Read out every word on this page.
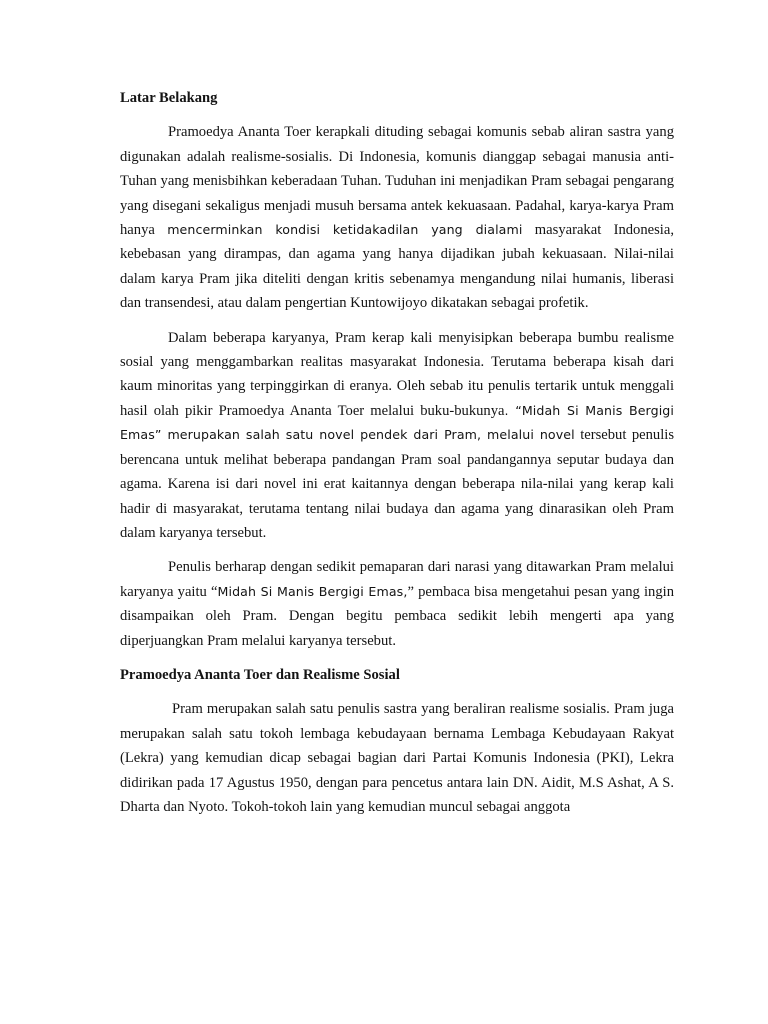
Latar Belakang

Pramoedya Ananta Toer kerapkali dituding sebagai komunis sebab aliran sastra yang digunakan adalah realisme-sosialis. Di Indonesia, komunis dianggap sebagai manusia anti-Tuhan yang menisbihkan keberadaan Tuhan. Tuduhan ini menjadikan Pram sebagai pengarang yang disegani sekaligus menjadi musuh bersama antek kekuasaan. Padahal, karya-karya Pram hanya mencerminkan kondisi ketidakadilan yang dialami masyarakat Indonesia, kebebasan yang dirampas, dan agama yang hanya dijadikan jubah kekuasaan. Nilai-nilai dalam karya Pram jika diteliti dengan kritis sebenamya mengandung nilai humanis, liberasi dan transendesi, atau dalam pengertian Kuntowijoyo dikatakan sebagai profetik.

Dalam beberapa karyanya, Pram kerap kali menyisipkan beberapa bumbu realisme sosial yang menggambarkan realitas masyarakat Indonesia. Terutama beberapa kisah dari kaum minoritas yang terpinggirkan di eranya. Oleh sebab itu penulis tertarik untuk menggali hasil olah pikir Pramoedya Ananta Toer melalui buku-bukunya. “Midah Si Manis Bergigi Emas” merupakan salah satu novel pendek dari Pram, melalui novel tersebut penulis berencana untuk melihat beberapa pandangan Pram soal pandangannya seputar budaya dan agama. Karena isi dari novel ini erat kaitannya dengan beberapa nila-nilai yang kerap kali hadir di masyarakat, terutama tentang nilai budaya dan agama yang dinarasikan oleh Pram dalam karyanya tersebut.

Penulis berharap dengan sedikit pemaparan dari narasi yang ditawarkan Pram melalui karyanya yaitu “Midah Si Manis Bergigi Emas,” pembaca bisa mengetahui pesan yang ingin disampaikan oleh Pram. Dengan begitu pembaca sedikit lebih mengerti apa yang diperjuangkan Pram melalui karyanya tersebut.

Pramoedya Ananta Toer dan Realisme Sosial

Pram merupakan salah satu penulis sastra yang beraliran realisme sosialis. Pram juga merupakan salah satu tokoh lembaga kebudayaan bernama Lembaga Kebudayaan Rakyat (Lekra) yang kemudian dicap sebagai bagian dari Partai Komunis Indonesia (PKI), Lekra didirikan pada 17 Agustus 1950, dengan para pencetus antara lain DN. Aidit, M.S Ashat, A S. Dharta dan Nyoto. Tokoh-tokoh lain yang kemudian muncul sebagai anggota
